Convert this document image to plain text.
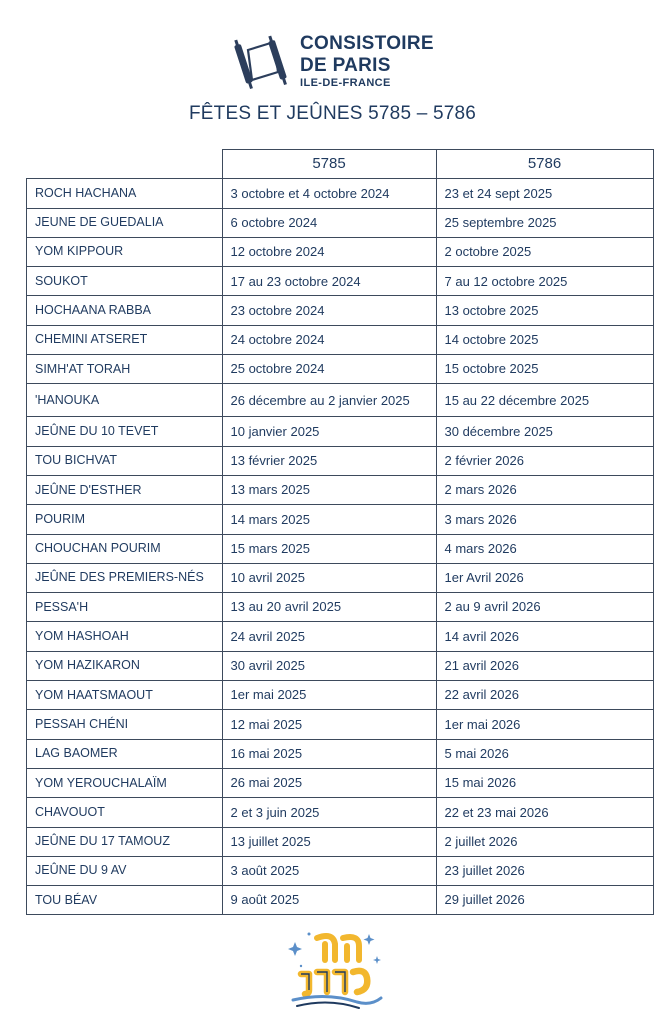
CONSISTOIRE
DE PARIS
ILE-DE-FRANCE
FÊTES ET JEÛNES 5785 – 5786
	5785	5786
ROCH HACHANA	3 octobre et 4 octobre 2024	23 et 24 sept 2025
JEUNE DE GUEDALIA	6 octobre 2024	25 septembre 2025
YOM KIPPOUR	12 octobre 2024	2 octobre 2025
SOUKOT	17 au 23 octobre 2024	7 au 12 octobre 2025
HOCHAANA RABBA	23 octobre 2024	13 octobre 2025
CHEMINI ATSERET	24 octobre 2024	14 octobre 2025
SIMH'AT TORAH	25 octobre 2024	15 octobre 2025
'HANOUKA	26 décembre au 2 janvier 2025	15 au 22 décembre 2025
JEÛNE DU 10 TEVET	10 janvier 2025	30 décembre 2025
TOU BICHVAT	13 février 2025	2 février 2026
JEÛNE D'ESTHER	13 mars 2025	2 mars 2026
POURIM	14 mars 2025	3 mars 2026
CHOUCHAN POURIM	15 mars 2025	4 mars 2026
JEÛNE DES PREMIERS-NÉS	10 avril 2025	1er Avril 2026
PESSA'H	13 au 20 avril 2025	2 au 9 avril 2026
YOM HASHOAH	24 avril 2025	14 avril 2026
YOM HAZIKARON	30 avril 2025	21 avril 2026
YOM HAATSMAOUT	1er mai 2025	22 avril 2026
PESSAH CHÉNI	12 mai 2025	1er mai 2026
LAG BAOMER	16 mai 2025	5 mai 2026
YOM YEROUCHALAÏM	26 mai 2025	15 mai 2026
CHAVOUOT	2 et 3 juin 2025	22 et 23 mai 2026
JEÛNE DU 17 TAMOUZ	13 juillet 2025	2 juillet 2026
JEÛNE DU 9 AV	3 août 2025	23 juillet 2026
TOU BÉAV	9 août 2025	29 juillet 2026
